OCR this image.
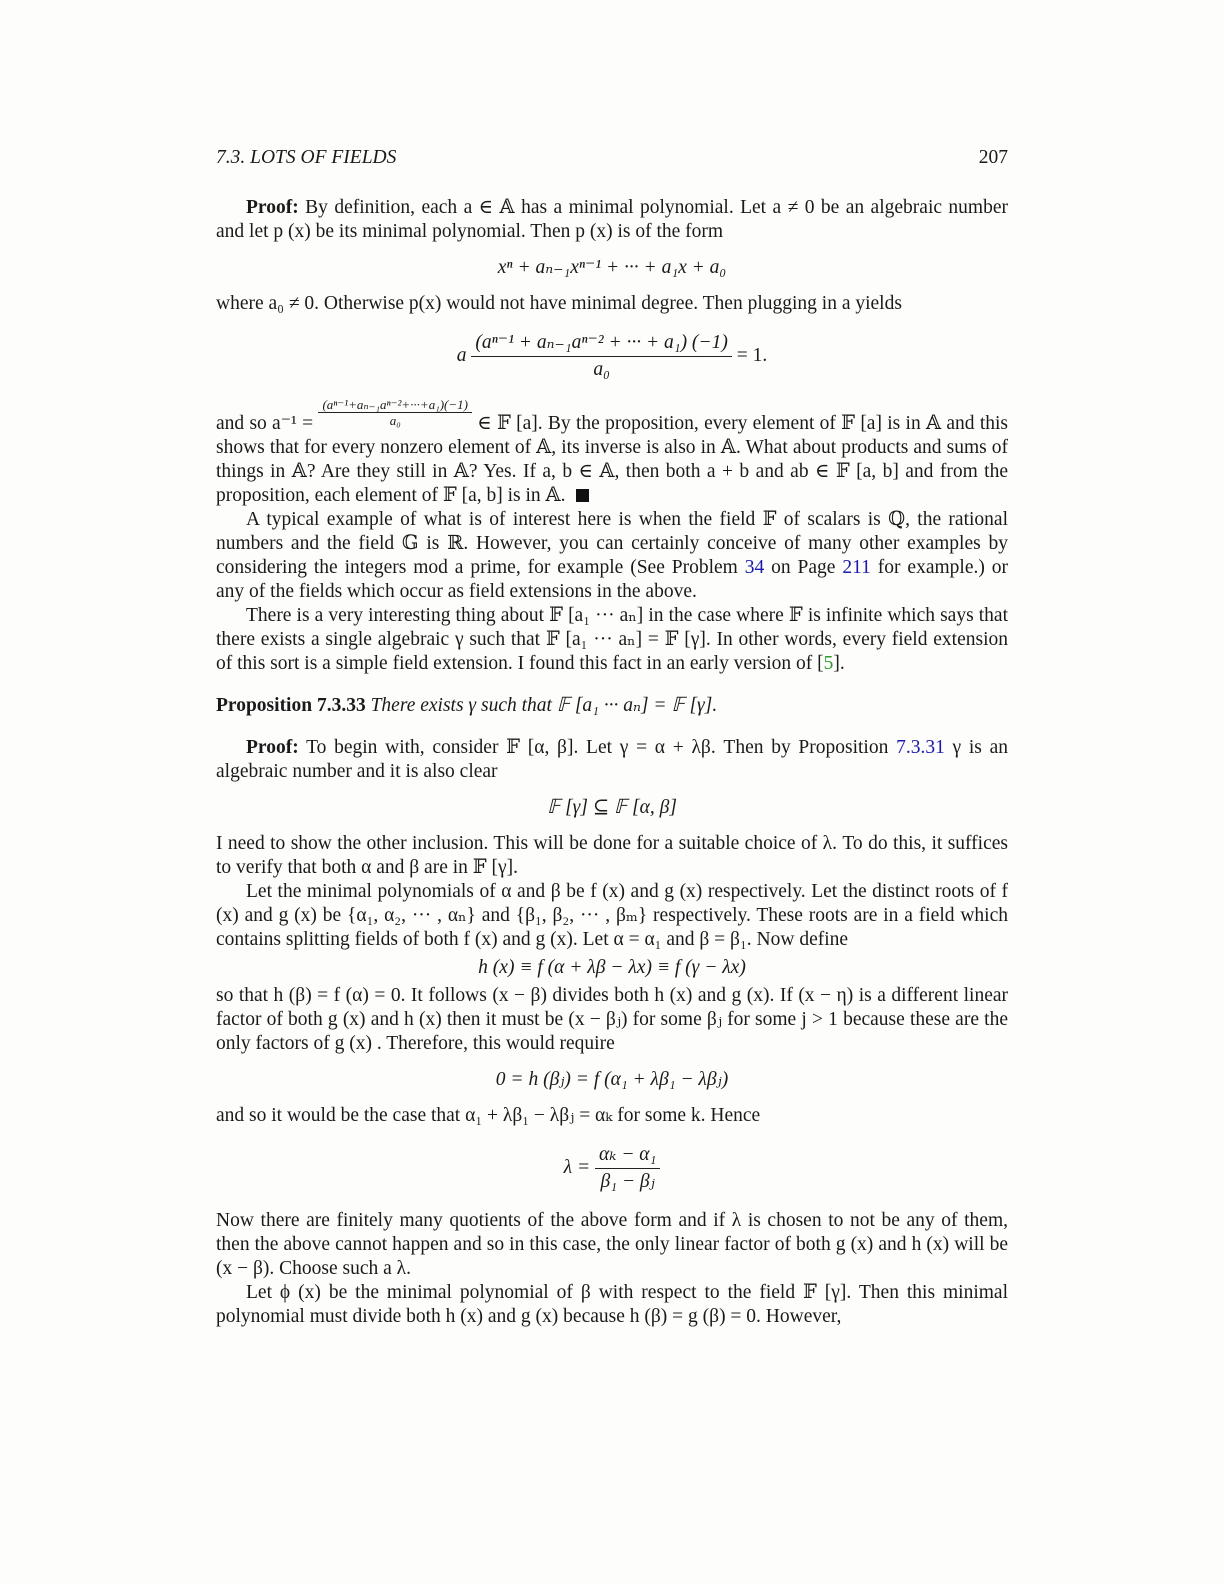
7.3. LOTS OF FIELDS	207

Proof: By definition, each a ∈ 𝔸 has a minimal polynomial. Let a ≠ 0 be an algebraic number and let p (x) be its minimal polynomial. Then p (x) is of the form

xⁿ + aₙ₋₁xⁿ⁻¹ + ··· + a₁x + a₀

where a₀ ≠ 0. Otherwise p(x) would not have minimal degree. Then plugging in a yields

a $\frac{\text{(aⁿ⁻¹ + aₙ₋₁aⁿ⁻² + ··· + a₁) (−1)}}{\text{a₀}} = 1$.

and so $a^{-1} = \frac{\text{(aⁿ⁻¹+aₙ₋₁aⁿ⁻²+···+a₁)(−1)}}{\text{a₀}}$ ∈ 𝔽 [a]. By the proposition, every element of 𝔽 [a] is in 𝔸 and this shows that for every nonzero element of 𝔸, its inverse is also in 𝔸. What about products and sums of things in 𝔸? Are they still in 𝔸? Yes. If a, b ∈ 𝔸, then both a + b and ab ∈ 𝔽 [a, b] and from the proposition, each element of 𝔽 [a, b] is in 𝔸.

A typical example of what is of interest here is when the field 𝔽 of scalars is ℚ, the rational numbers and the field 𝔾 is ℝ. However, you can certainly conceive of many other examples by considering the integers mod a prime, for example (See Problem 34 on Page 211 for example.) or any of the fields which occur as field extensions in the above.

There is a very interesting thing about 𝔽 [a₁ ··· aₙ] in the case where 𝔽 is infinite which says that there exists a single algebraic γ such that 𝔽 [a₁ ··· aₙ] = 𝔽 [γ]. In other words, every field extension of this sort is a simple field extension. I found this fact in an early version of [5].

Proposition 7.3.33 There exists γ such that 𝔽 [a₁ ··· aₙ] = 𝔽 [γ].

Proof: To begin with, consider 𝔽 [α, β]. Let γ = α + λβ. Then by Proposition 7.3.31 γ is an algebraic number and it is also clear

𝔽 [γ] ⊆ 𝔽 [α, β]

I need to show the other inclusion. This will be done for a suitable choice of λ. To do this, it suffices to verify that both α and β are in 𝔽 [γ].

Let the minimal polynomials of α and β be f (x) and g (x) respectively. Let the distinct roots of f (x) and g (x) be {α₁, α₂, ··· , αₙ} and {β₁, β₂, ··· , βₘ} respectively. These roots are in a field which contains splitting fields of both f (x) and g (x). Let α = α₁ and β = β₁. Now define

h (x) ≡ f (α + λβ − λx) ≡ f (γ − λx)

so that h (β) = f (α) = 0. It follows (x − β) divides both h (x) and g (x). If (x − η) is a different linear factor of both g (x) and h (x) then it must be (x − βⱼ) for some βⱼ for some j > 1 because these are the only factors of g (x) . Therefore, this would require

0 = h (βⱼ) = f (α₁ + λβ₁ − λβⱼ)

and so it would be the case that α₁ + λβ₁ − λβⱼ = αₖ for some k. Hence

$\lambda = \frac{\text{αₖ − α₁}}{\text{β₁ − βⱼ}}$

Now there are finitely many quotients of the above form and if λ is chosen to not be any of them, then the above cannot happen and so in this case, the only linear factor of both g (x) and h (x) will be (x − β). Choose such a λ.

Let ϕ (x) be the minimal polynomial of β with respect to the field 𝔽 [γ]. Then this minimal polynomial must divide both h (x) and g (x) because h (β) = g (β) = 0. However,
